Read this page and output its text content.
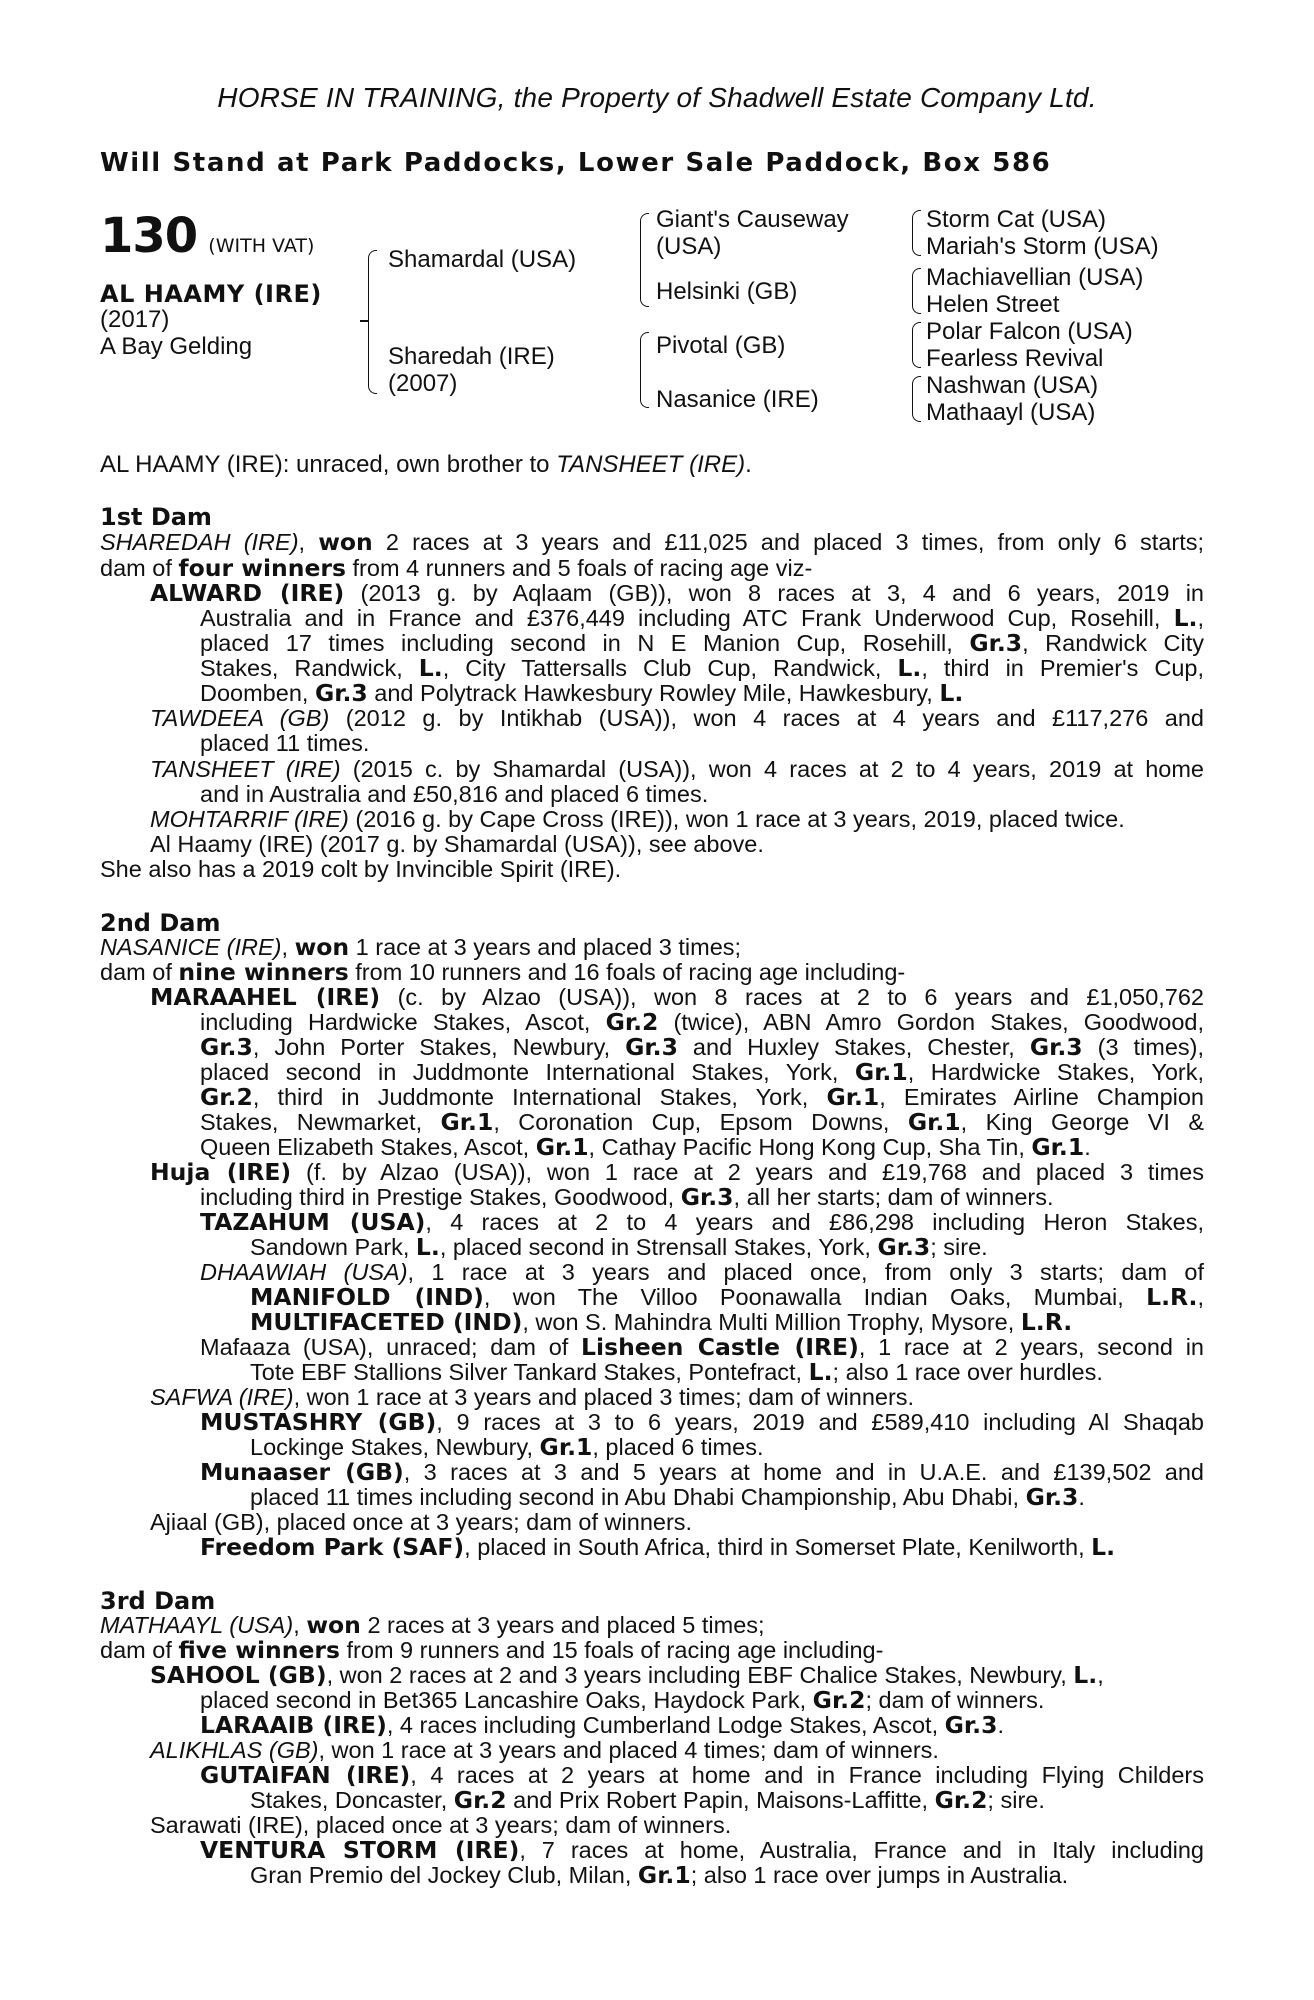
HORSE IN TRAINING, the Property of Shadwell Estate Company Ltd.
Will Stand at Park Paddocks, Lower Sale Paddock, Box 586
130 (WITH VAT)
AL HAAMY (IRE)
(2017)
A Bay Gelding
Shamardal (USA)
Sharedah (IRE)
(2007)
Giant's Causeway
(USA)
Helsinki (GB)
Pivotal (GB)
Nasanice (IRE)
Storm Cat (USA)
Mariah's Storm (USA)
Machiavellian (USA)
Helen Street
Polar Falcon (USA)
Fearless Revival
Nashwan (USA)
Mathaayl (USA)
AL HAAMY (IRE): unraced, own brother to TANSHEET (IRE).
1st Dam
SHAREDAH (IRE), won 2 races at 3 years and £11,025 and placed 3 times, from only 6 starts;
dam of four winners from 4 runners and 5 foals of racing age viz-
ALWARD (IRE) (2013 g. by Aqlaam (GB)), won 8 races at 3, 4 and 6 years, 2019 in
Australia and in France and £376,449 including ATC Frank Underwood Cup, Rosehill, L.,
placed 17 times including second in N E Manion Cup, Rosehill, Gr.3, Randwick City
Stakes, Randwick, L., City Tattersalls Club Cup, Randwick, L., third in Premier's Cup,
Doomben, Gr.3 and Polytrack Hawkesbury Rowley Mile, Hawkesbury, L.
TAWDEEA (GB) (2012 g. by Intikhab (USA)), won 4 races at 4 years and £117,276 and
placed 11 times.
TANSHEET (IRE) (2015 c. by Shamardal (USA)), won 4 races at 2 to 4 years, 2019 at home
and in Australia and £50,816 and placed 6 times.
MOHTARRIF (IRE) (2016 g. by Cape Cross (IRE)), won 1 race at 3 years, 2019, placed twice.
Al Haamy (IRE) (2017 g. by Shamardal (USA)), see above.
She also has a 2019 colt by Invincible Spirit (IRE).
2nd Dam
NASANICE (IRE), won 1 race at 3 years and placed 3 times;
dam of nine winners from 10 runners and 16 foals of racing age including-
MARAAHEL (IRE) (c. by Alzao (USA)), won 8 races at 2 to 6 years and £1,050,762
including Hardwicke Stakes, Ascot, Gr.2 (twice), ABN Amro Gordon Stakes, Goodwood,
Gr.3, John Porter Stakes, Newbury, Gr.3 and Huxley Stakes, Chester, Gr.3 (3 times),
placed second in Juddmonte International Stakes, York, Gr.1, Hardwicke Stakes, York,
Gr.2, third in Juddmonte International Stakes, York, Gr.1, Emirates Airline Champion
Stakes, Newmarket, Gr.1, Coronation Cup, Epsom Downs, Gr.1, King George VI &
Queen Elizabeth Stakes, Ascot, Gr.1, Cathay Pacific Hong Kong Cup, Sha Tin, Gr.1.
Huja (IRE) (f. by Alzao (USA)), won 1 race at 2 years and £19,768 and placed 3 times
including third in Prestige Stakes, Goodwood, Gr.3, all her starts; dam of winners.
TAZAHUM (USA), 4 races at 2 to 4 years and £86,298 including Heron Stakes,
Sandown Park, L., placed second in Strensall Stakes, York, Gr.3; sire.
DHAAWIAH (USA), 1 race at 3 years and placed once, from only 3 starts; dam of
MANIFOLD (IND), won The Villoo Poonawalla Indian Oaks, Mumbai, L.R.,
MULTIFACETED (IND), won S. Mahindra Multi Million Trophy, Mysore, L.R.
Mafaaza (USA), unraced; dam of Lisheen Castle (IRE), 1 race at 2 years, second in
Tote EBF Stallions Silver Tankard Stakes, Pontefract, L.; also 1 race over hurdles.
SAFWA (IRE), won 1 race at 3 years and placed 3 times; dam of winners.
MUSTASHRY (GB), 9 races at 3 to 6 years, 2019 and £589,410 including Al Shaqab
Lockinge Stakes, Newbury, Gr.1, placed 6 times.
Munaaser (GB), 3 races at 3 and 5 years at home and in U.A.E. and £139,502 and
placed 11 times including second in Abu Dhabi Championship, Abu Dhabi, Gr.3.
Ajiaal (GB), placed once at 3 years; dam of winners.
Freedom Park (SAF), placed in South Africa, third in Somerset Plate, Kenilworth, L.
3rd Dam
MATHAAYL (USA), won 2 races at 3 years and placed 5 times;
dam of five winners from 9 runners and 15 foals of racing age including-
SAHOOL (GB), won 2 races at 2 and 3 years including EBF Chalice Stakes, Newbury, L.,
placed second in Bet365 Lancashire Oaks, Haydock Park, Gr.2; dam of winners.
LARAAIB (IRE), 4 races including Cumberland Lodge Stakes, Ascot, Gr.3.
ALIKHLAS (GB), won 1 race at 3 years and placed 4 times; dam of winners.
GUTAIFAN (IRE), 4 races at 2 years at home and in France including Flying Childers
Stakes, Doncaster, Gr.2 and Prix Robert Papin, Maisons-Laffitte, Gr.2; sire.
Sarawati (IRE), placed once at 3 years; dam of winners.
VENTURA STORM (IRE), 7 races at home, Australia, France and in Italy including
Gran Premio del Jockey Club, Milan, Gr.1; also 1 race over jumps in Australia.
